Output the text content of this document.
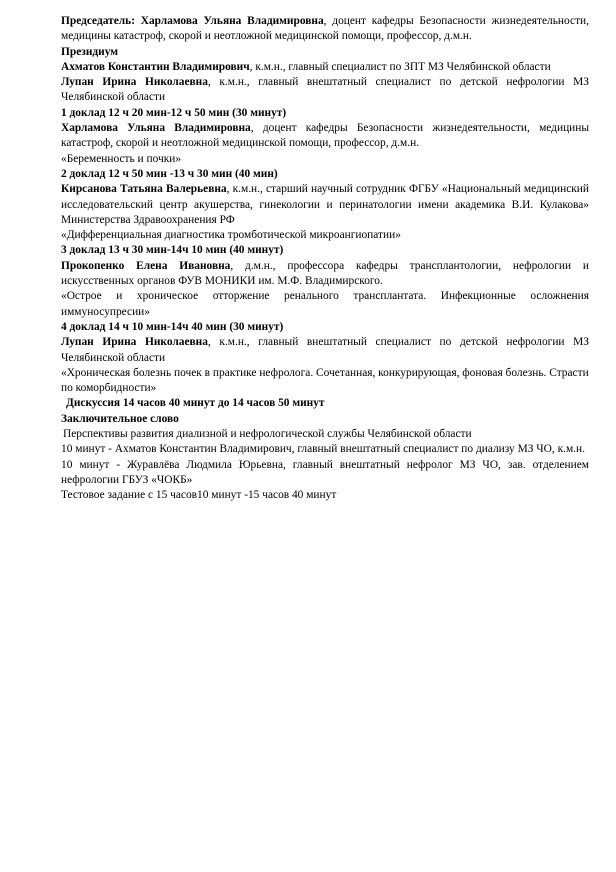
Председатель: Харламова Ульяна Владимировна, доцент кафедры Безопасности жизнедеятельности, медицины катастроф, скорой и неотложной медицинской помощи, профессор, д.м.н.

Президиум

Ахматов Константин Владимирович, к.м.н., главный специалист по ЗПТ МЗ Челябинской области

Лупан Ирина Николаевна, к.м.н., главный внештатный специалист по детской нефрологии МЗ Челябинской области

1 доклад 12 ч 20 мин-12 ч 50 мин (30 минут)

Харламова Ульяна Владимировна, доцент кафедры Безопасности жизнедеятельности, медицины катастроф, скорой и неотложной медицинской помощи, профессор, д.м.н.

«Беременность и почки»

2 доклад 12 ч 50 мин -13 ч 30 мин (40 мин)

Кирсанова Татьяна Валерьевна, к.м.н., старший научный сотрудник ФГБУ «Национальный медицинский исследовательский центр акушерства, гинекологии и перинатологии имени академика В.И. Кулакова» Министерства Здравоохранения РФ

«Дифференциальная диагностика тромботической микроангиопатии»

3 доклад 13 ч 30 мин-14ч 10 мин (40 минут)

Прокопенко Елена Ивановна, д.м.н., профессора кафедры трансплантологии, нефрологии и искусственных органов ФУВ МОНИКИ им. М.Ф. Владимирского.

«Острое и хроническое отторжение ренального трансплантата. Инфекционные осложнения иммуносупресии»

4 доклад 14 ч 10 мин-14ч 40 мин (30 минут)

Лупан Ирина Николаевна, к.м.н., главный внештатный специалист по детской нефрологии МЗ Челябинской области

«Хроническая болезнь почек в практике нефролога. Сочетанная, конкурирующая, фоновая болезнь. Страсти по коморбидности»

Дискуссия 14 часов 40 минут до 14 часов 50 минут

Заключительное слово

Перспективы развития диализной и нефрологической службы Челябинской области

10 минут - Ахматов Константин Владимирович, главный внештатный специалист по диализу МЗ ЧО, к.м.н.

10 минут - Журавлёва Людмила Юрьевна, главный внештатный нефролог МЗ ЧО, зав. отделением нефрологии ГБУЗ «ЧОКБ»

Тестовое задание с 15 часов10 минут -15 часов 40 минут
